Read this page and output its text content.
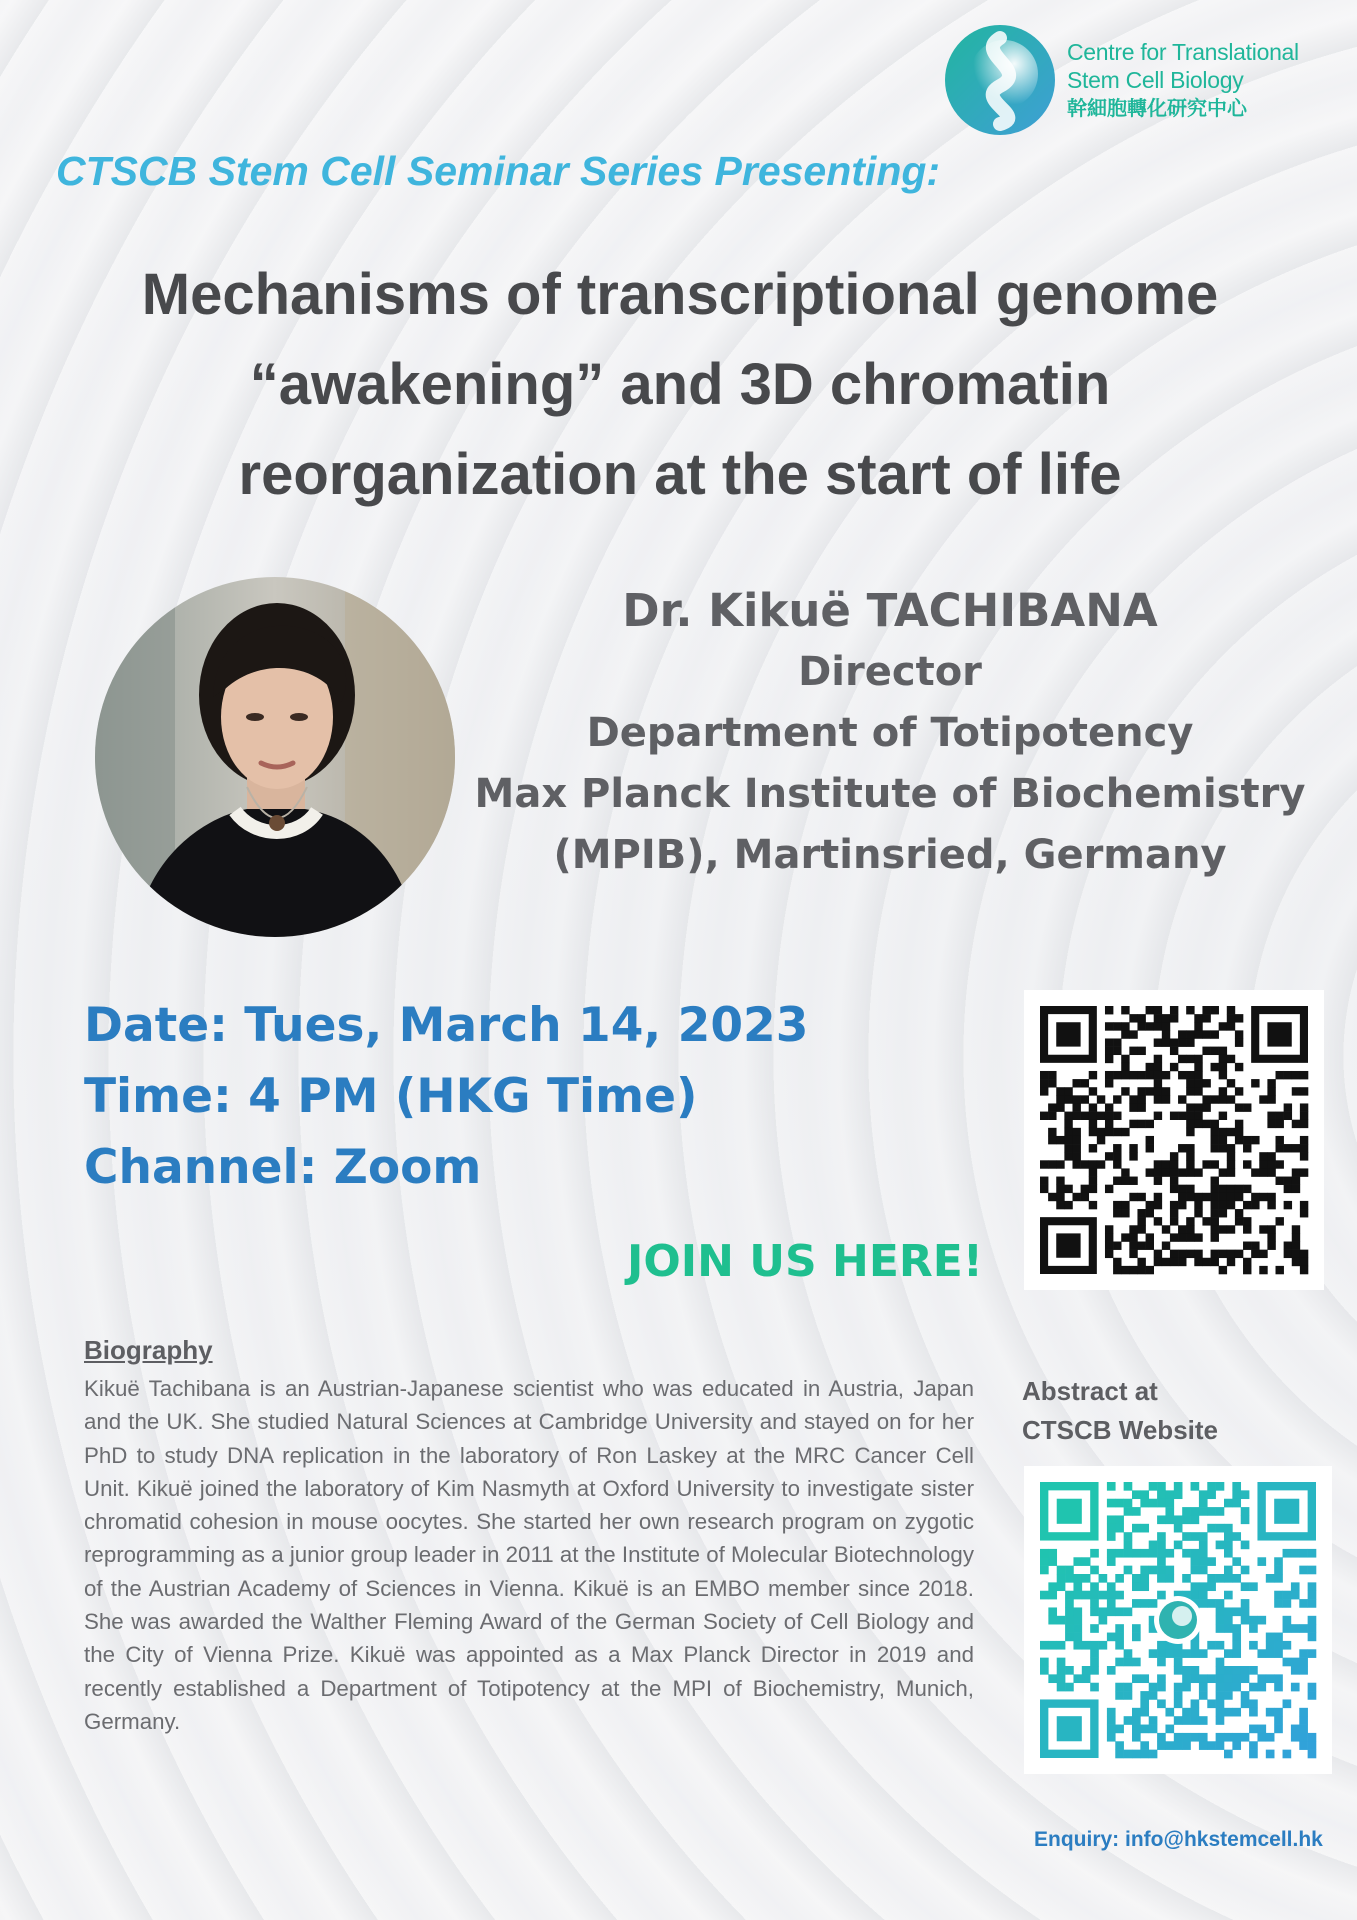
Centre for Translational
Stem Cell Biology
幹細胞轉化研究中心
CTSCB Stem Cell Seminar Series Presenting:
Mechanisms of transcriptional genome
“awakening” and 3D chromatin
reorganization at the start of life
Dr. Kikuë TACHIBANA
Director
Department of Totipotency
Max Planck Institute of Biochemistry
(MPIB), Martinsried, Germany
Date: Tues, March 14, 2023
Time: 4 PM (HKG Time)
Channel: Zoom
JOIN US HERE!
Abstract at
CTSCB Website
Biography
Kikuë Tachibana is an Austrian-Japanese scientist who was educated in Austria, Japan and the UK. She studied Natural Sciences at Cambridge University and stayed on for her PhD to study DNA replication in the laboratory of Ron Laskey at the MRC Cancer Cell Unit. Kikuë joined the laboratory of Kim Nasmyth at Oxford University to investigate sister chromatid cohesion in mouse oocytes. She started her own research program on zygotic reprogramming as a junior group leader in 2011 at the Institute of Molecular Biotechnology of the Austrian Academy of Sciences in Vienna. Kikuë is an EMBO member since 2018. She was awarded the Walther Fleming Award of the German Society of Cell Biology and the City of Vienna Prize. Kikuë was appointed as a Max Planck Director in 2019 and recently established a Department of Totipotency at the MPI of Biochemistry, Munich, Germany.
Enquiry: info@hkstemcell.hk
